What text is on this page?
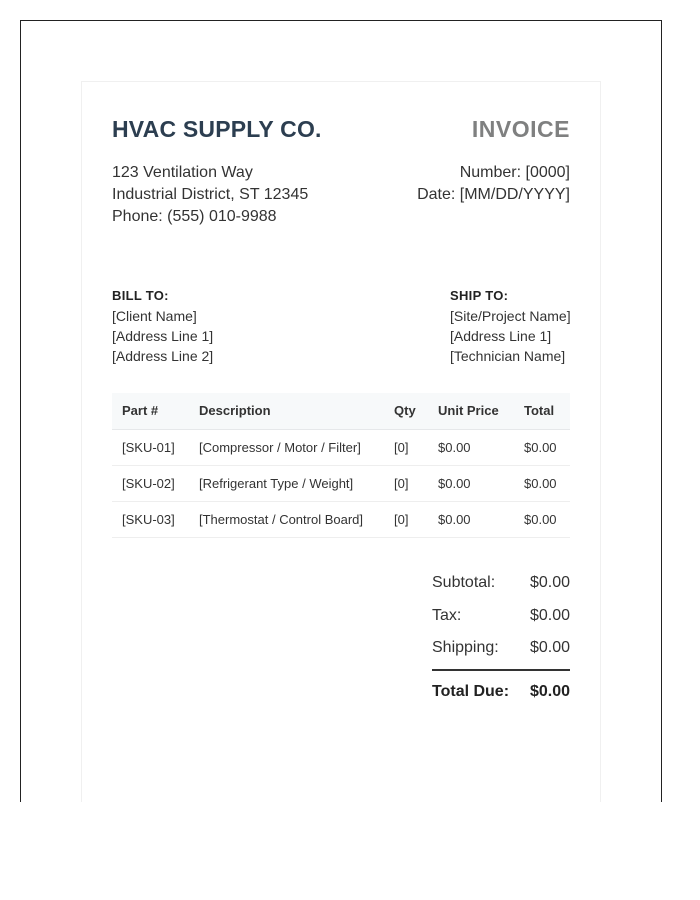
HVAC SUPPLY CO.	INVOICE
123 Ventilation Way
Industrial District, ST 12345
Phone: (555) 010-9988
Number: [0000]
Date: [MM/DD/YYYY]
BILL TO:
[Client Name]
[Address Line 1]
[Address Line 2]
SHIP TO:
[Site/Project Name]
[Address Line 1]
[Technician Name]
Part #	Description	Qty	Unit Price	Total
[SKU-01]	[Compressor / Motor / Filter]	[0]	$0.00	$0.00
[SKU-02]	[Refrigerant Type / Weight]	[0]	$0.00	$0.00
[SKU-03]	[Thermostat / Control Board]	[0]	$0.00	$0.00
Subtotal: $0.00
Tax:	$0.00
Shipping: $0.00
Total Due: $0.00
